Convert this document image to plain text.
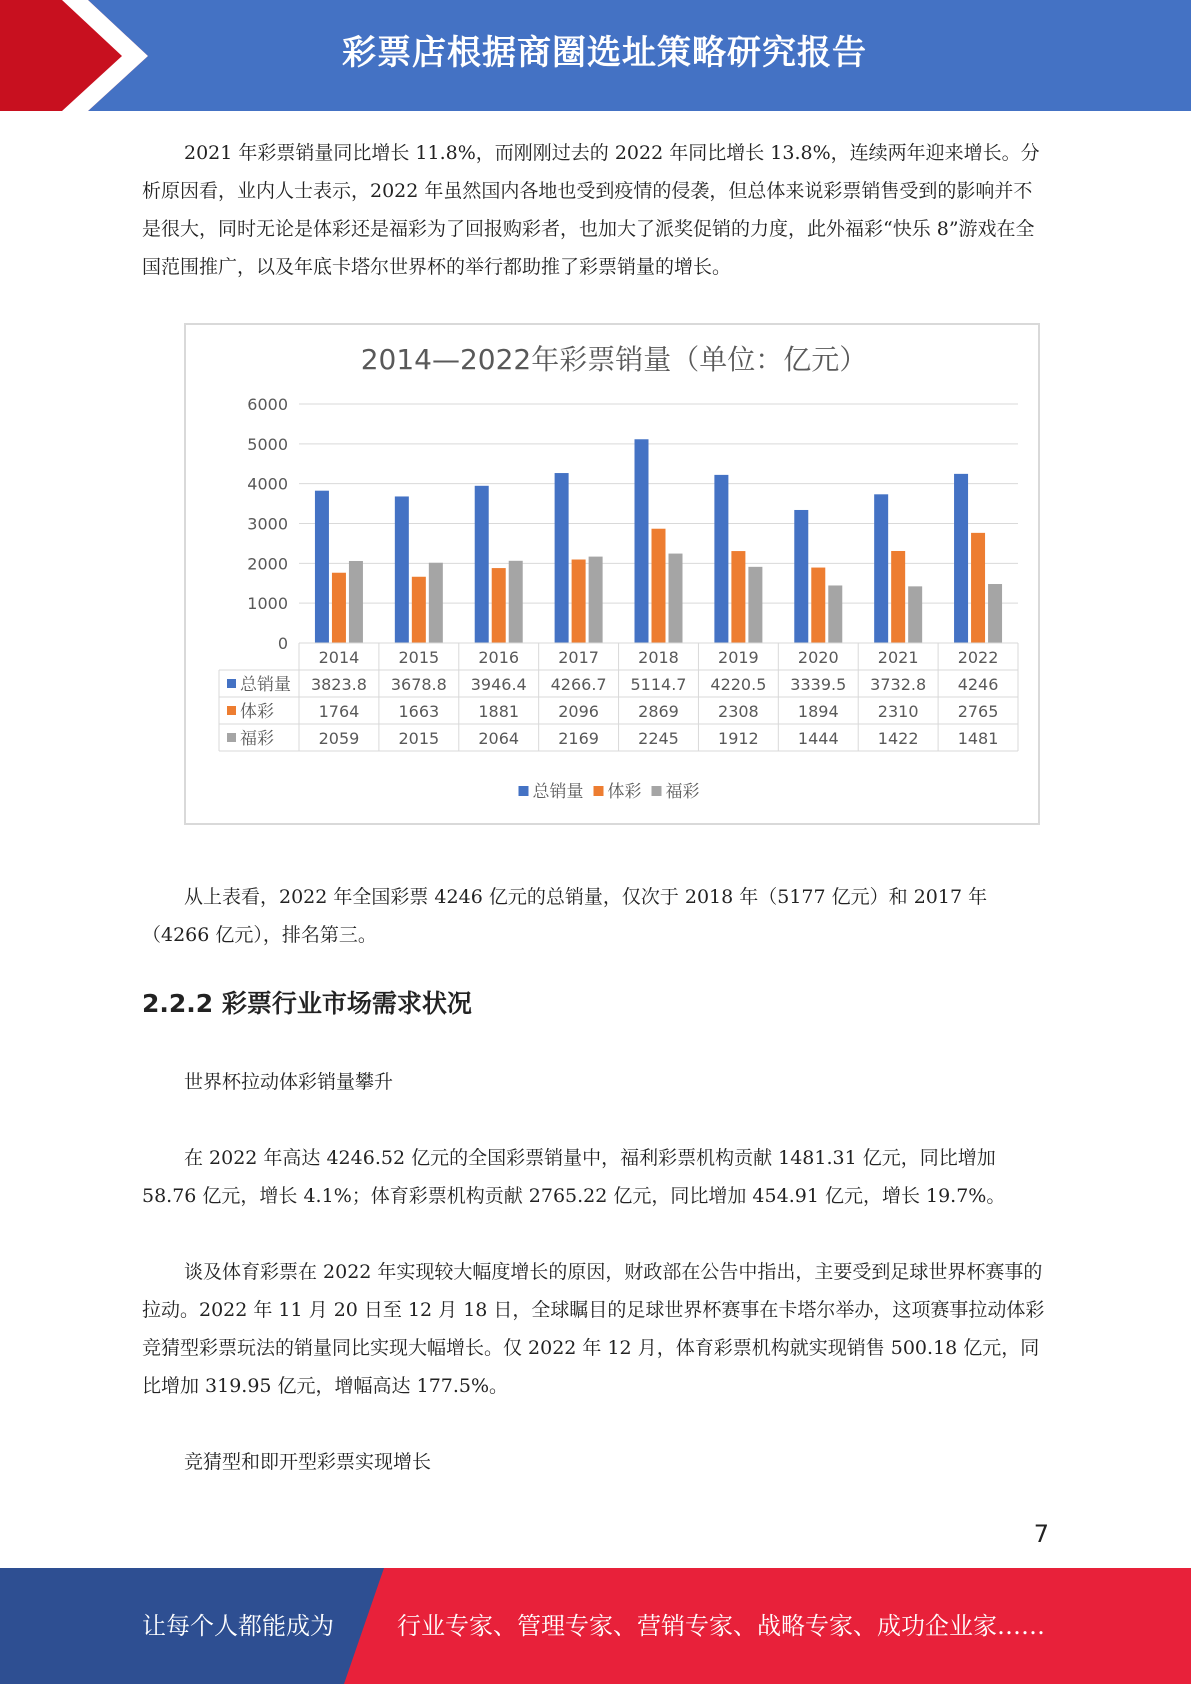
彩票店根据商圈选址策略研究报告

2021 年彩票销量同比增长 11.8%，而刚刚过去的 2022 年同比增长 13.8%，连续两年迎来增长。分析原因看，业内人士表示，2022 年虽然国内各地也受到疫情的侵袭，但总体来说彩票销售受到的影响并不是很大，同时无论是体彩还是福彩为了回报购彩者，也加大了派奖促销的力度，此外福彩“快乐 8”游戏在全国范围推广，以及年底卡塔尔世界杯的举行都助推了彩票销量的增长。

2014—2022年彩票销量（单位：亿元）
0
1000
2000
3000
4000
5000
6000
2014 2015 2016 2017 2018 2019 2020 2021 2022
总销量 3823.8 3678.8 3946.4 4266.7 5114.7 4220.5 3339.5 3732.8 4246
体彩	1764 1663 1881 2096 2869 2308 1894 2310 2765
福彩	2059 2015 2064 2169 2245 1912 1444 1422 1481
总销量 体彩 福彩

从上表看，2022 年全国彩票 4246 亿元的总销量，仅次于 2018 年（5177 亿元）和 2017 年（4266 亿元），排名第三。

2.2.2 彩票行业市场需求状况

世界杯拉动体彩销量攀升

在 2022 年高达 4246.52 亿元的全国彩票销量中，福利彩票机构贡献 1481.31 亿元，同比增加 58.76 亿元，增长 4.1%；体育彩票机构贡献 2765.22 亿元，同比增加 454.91 亿元，增长 19.7%。

谈及体育彩票在 2022 年实现较大幅度增长的原因，财政部在公告中指出，主要受到足球世界杯赛事的拉动。2022 年 11 月 20 日至 12 月 18 日，全球瞩目的足球世界杯赛事在卡塔尔举办，这项赛事拉动体彩竞猜型彩票玩法的销量同比实现大幅增长。仅 2022 年 12 月，体育彩票机构就实现销售 500.18 亿元，同比增加 319.95 亿元，增幅高达 177.5%。

竞猜型和即开型彩票实现增长

7
让每个人都能成为	行业专家、管理专家、营销专家、战略专家、成功企业家……
